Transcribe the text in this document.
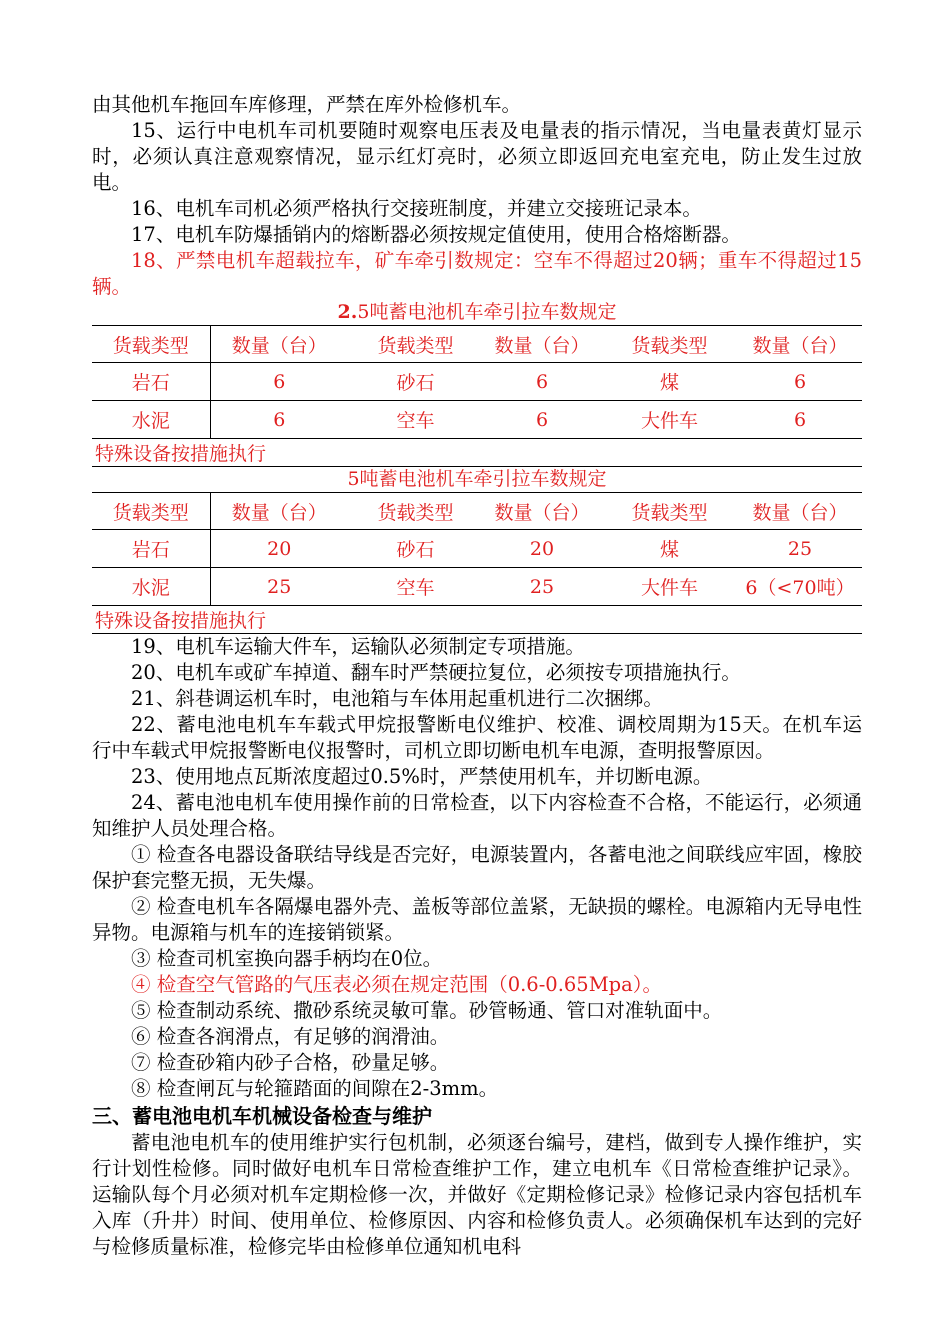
由其他机车拖回车库修理，严禁在库外检修机车。

15、运行中电机车司机要随时观察电压表及电量表的指示情况，当电量表黄灯显示时，必须认真注意观察情况，显示红灯亮时，必须立即返回充电室充电，防止发生过放电。

16、电机车司机必须严格执行交接班制度，并建立交接班记录本。

17、电机车防爆插销内的熔断器必须按规定值使用，使用合格熔断器。

18、严禁电机车超载拉车，矿车牵引数规定：空车不得超过20辆；重车不得超过15辆。

2.5吨蓄电池机车牵引拉车数规定

货载类型	数量（台）	货载类型	数量（台）	货载类型	数量（台）
岩石	6	砂石	6	煤	6
水泥	6	空车	6	大件车	6
特殊设备按措施执行					

5吨蓄电池机车牵引拉车数规定

货载类型	数量（台）	货载类型	数量（台）	货载类型	数量（台）
岩石	20	砂石	20	煤	25
水泥	25	空车	25	大件车	6（<70吨）
特殊设备按措施执行					

19、电机车运输大件车，运输队必须制定专项措施。

20、电机车或矿车掉道、翻车时严禁硬拉复位，必须按专项措施执行。

21、斜巷调运机车时，电池箱与车体用起重机进行二次捆绑。

22、蓄电池电机车车载式甲烷报警断电仪维护、校准、调校周期为15天。在机车运行中车载式甲烷报警断电仪报警时，司机立即切断电机车电源，查明报警原因。

23、使用地点瓦斯浓度超过0.5%时，严禁使用机车，并切断电源。

24、蓄电池电机车使用操作前的日常检查，以下内容检查不合格，不能运行，必须通知维护人员处理合格。

① 检查各电器设备联结导线是否完好，电源装置内，各蓄电池之间联线应牢固，橡胶保护套完整无损，无失爆。

② 检查电机车各隔爆电器外壳、盖板等部位盖紧，无缺损的螺栓。电源箱内无导电性异物。电源箱与机车的连接销锁紧。

③ 检查司机室换向器手柄均在0位。

④ 检查空气管路的气压表必须在规定范围（0.6-0.65Mpa）。

⑤ 检查制动系统、撒砂系统灵敏可靠。砂管畅通、管口对准轨面中。

⑥ 检查各润滑点，有足够的润滑油。

⑦ 检查砂箱内砂子合格，砂量足够。

⑧ 检查闸瓦与轮箍踏面的间隙在2-3mm。

三、蓄电池电机车机械设备检查与维护

蓄电池电机车的使用维护实行包机制，必须逐台编号，建档，做到专人操作维护，实行计划性检修。同时做好电机车日常检查维护工作，建立电机车《日常检查维护记录》。运输队每个月必须对机车定期检修一次，并做好《定期检修记录》检修记录内容包括机车入库（升井）时间、使用单位、检修原因、内容和检修负责人。必须确保机车达到的完好与检修质量标准，检修完毕由检修单位通知机电科
